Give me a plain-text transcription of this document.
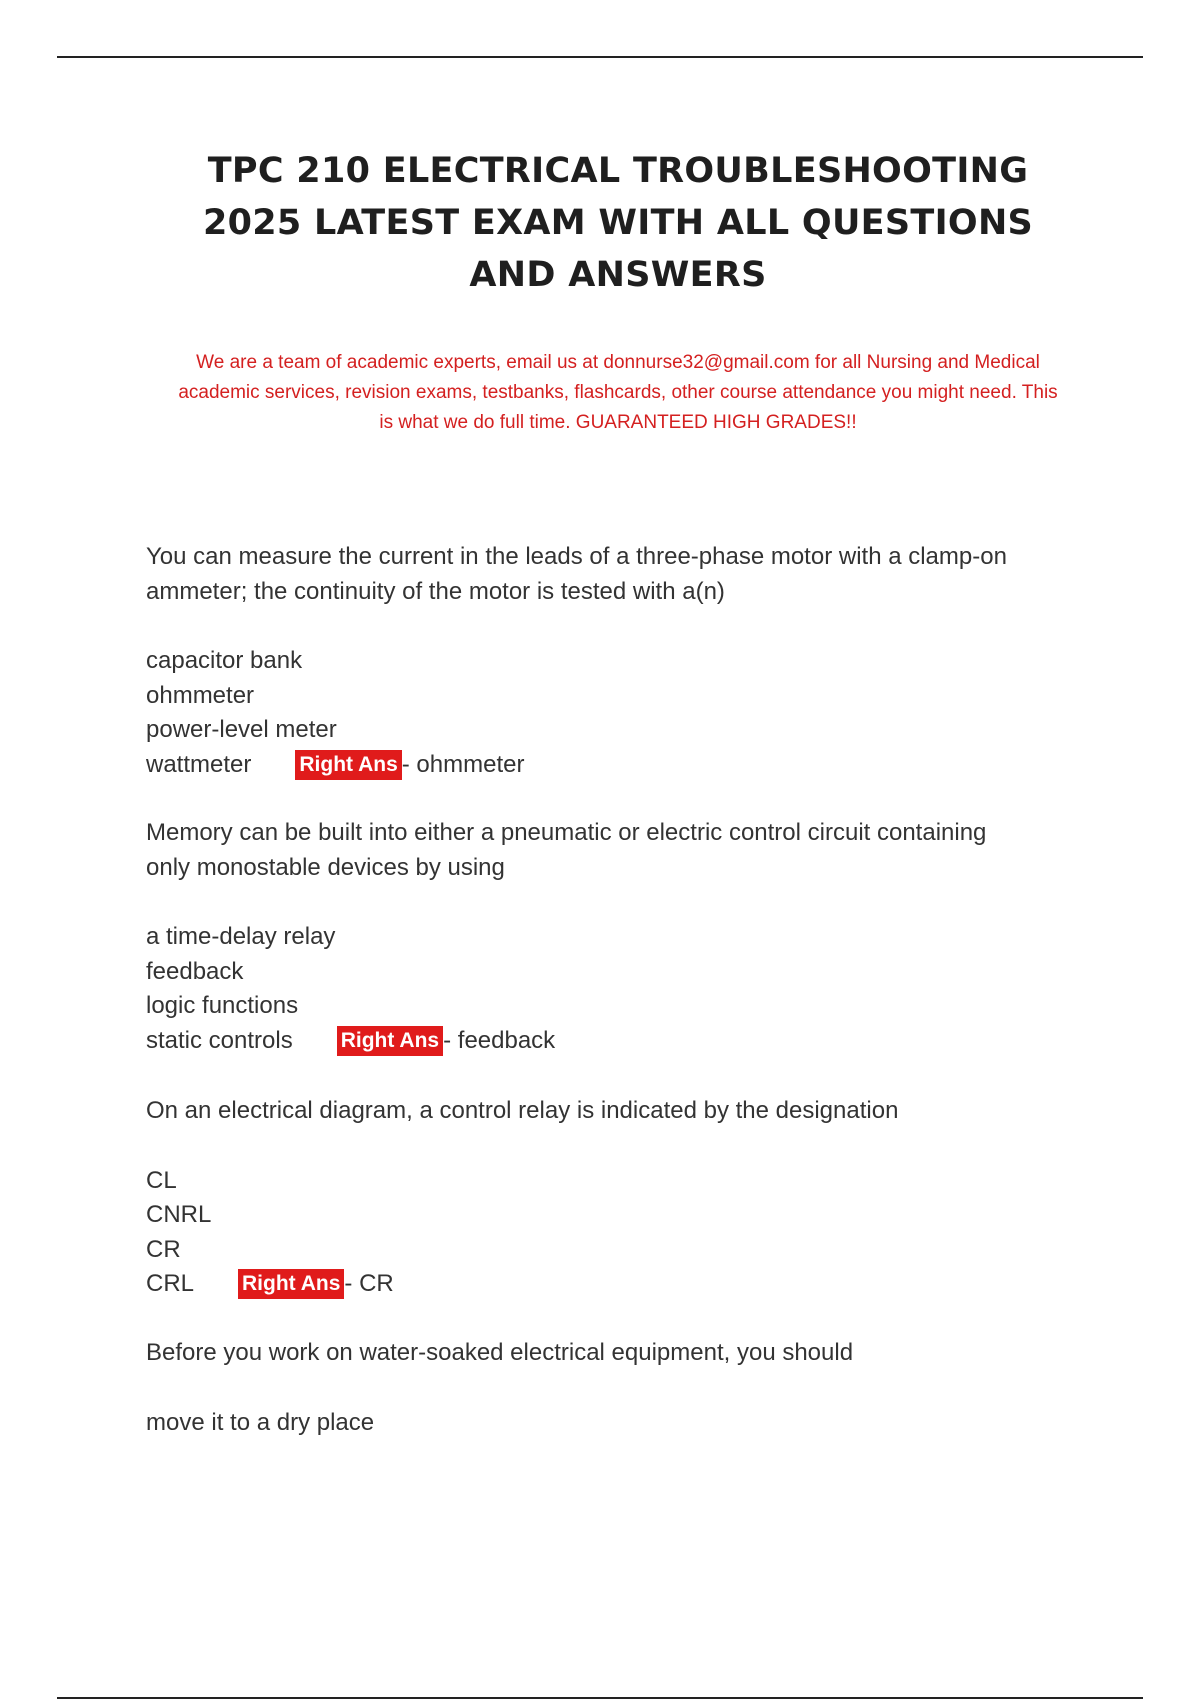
TPC 210 ELECTRICAL TROUBLESHOOTING
2025 LATEST EXAM WITH ALL QUESTIONS
AND ANSWERS
We are a team of academic experts, email us at donnurse32@gmail.com for all Nursing and Medical
academic services, revision exams, testbanks, flashcards, other course attendance you might need. This
is what we do full time. GUARANTEED HIGH GRADES!!
You can measure the current in the leads of a three-phase motor with a clamp-on
ammeter; the continuity of the motor is tested with a(n)
capacitor bank
ohmmeter
power-level meter
wattmeter Right Ans - ohmmeter
Memory can be built into either a pneumatic or electric control circuit containing
only monostable devices by using
a time-delay relay
feedback
logic functions
static controls Right Ans - feedback
On an electrical diagram, a control relay is indicated by the designation
CL
CNRL
CR
CRL Right Ans - CR
Before you work on water-soaked electrical equipment, you should
move it to a dry place
